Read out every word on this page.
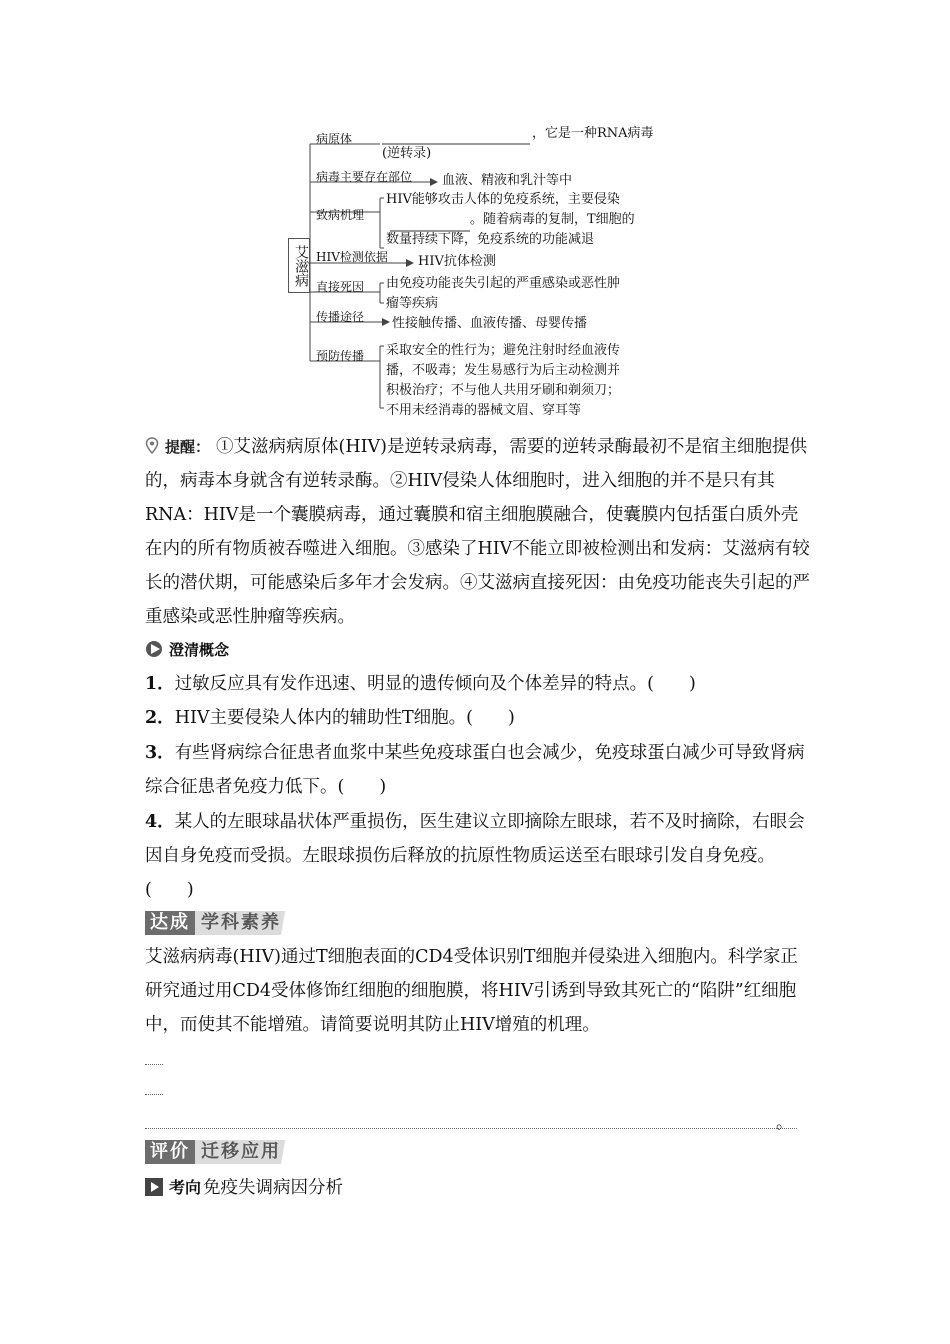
艾滋病
病原体	，它是一种RNA病毒
(逆转录)
病毒主要存在部位 血液、精液和乳汁等中
致病机理
HIV能够攻击人体的免疫系统，主要侵染
。随着病毒的复制，T细胞的
数量持续下降，免疫系统的功能减退
HIV检测依据 HIV抗体检测
直接死因 由免疫功能丧失引起的严重感染或恶性肿
瘤等疾病
传播途径 性接触传播、血液传播、母婴传播
预防传播 采取安全的性行为；避免注射时经血液传
播，不吸毒；发生易感行为后主动检测并
积极治疗；不与他人共用牙刷和剃须刀；
不用未经消毒的器械文眉、穿耳等
提醒： ①艾滋病病原体(HIV)是逆转录病毒，需要的逆转录酶最初不是宿主细胞提供的，病毒本身就含有逆转录酶。②HIV侵染人体细胞时，进入细胞的并不是只有其RNA：HIV是一个囊膜病毒，通过囊膜和宿主细胞膜融合，使囊膜内包括蛋白质外壳在内的所有物质被吞噬进入细胞。③感染了HIV不能立即被检测出和发病：艾滋病有较长的潜伏期，可能感染后多年才会发病。④艾滋病直接死因：由免疫功能丧失引起的严重感染或恶性肿瘤等疾病。
澄清概念
1．过敏反应具有发作迅速、明显的遗传倾向及个体差异的特点。(　　)
2．HIV主要侵染人体内的辅助性T细胞。(　　)
3．有些肾病综合征患者血浆中某些免疫球蛋白也会减少，免疫球蛋白减少可导致肾病综合征患者免疫力低下。(　　)
4．某人的左眼球晶状体严重损伤，医生建议立即摘除左眼球，若不及时摘除，右眼会因自身免疫而受损。左眼球损伤后释放的抗原性物质运送至右眼球引发自身免疫。(　　)
达成 学科素养
艾滋病病毒(HIV)通过T细胞表面的CD4受体识别T细胞并侵染进入细胞内。科学家正研究通过用CD4受体修饰红细胞的细胞膜，将HIV引诱到导致其死亡的“陷阱”红细胞中，而使其不能增殖。请简要说明其防止HIV增殖的机理。
。
评价 迁移应用
考向 免疫失调病因分析
